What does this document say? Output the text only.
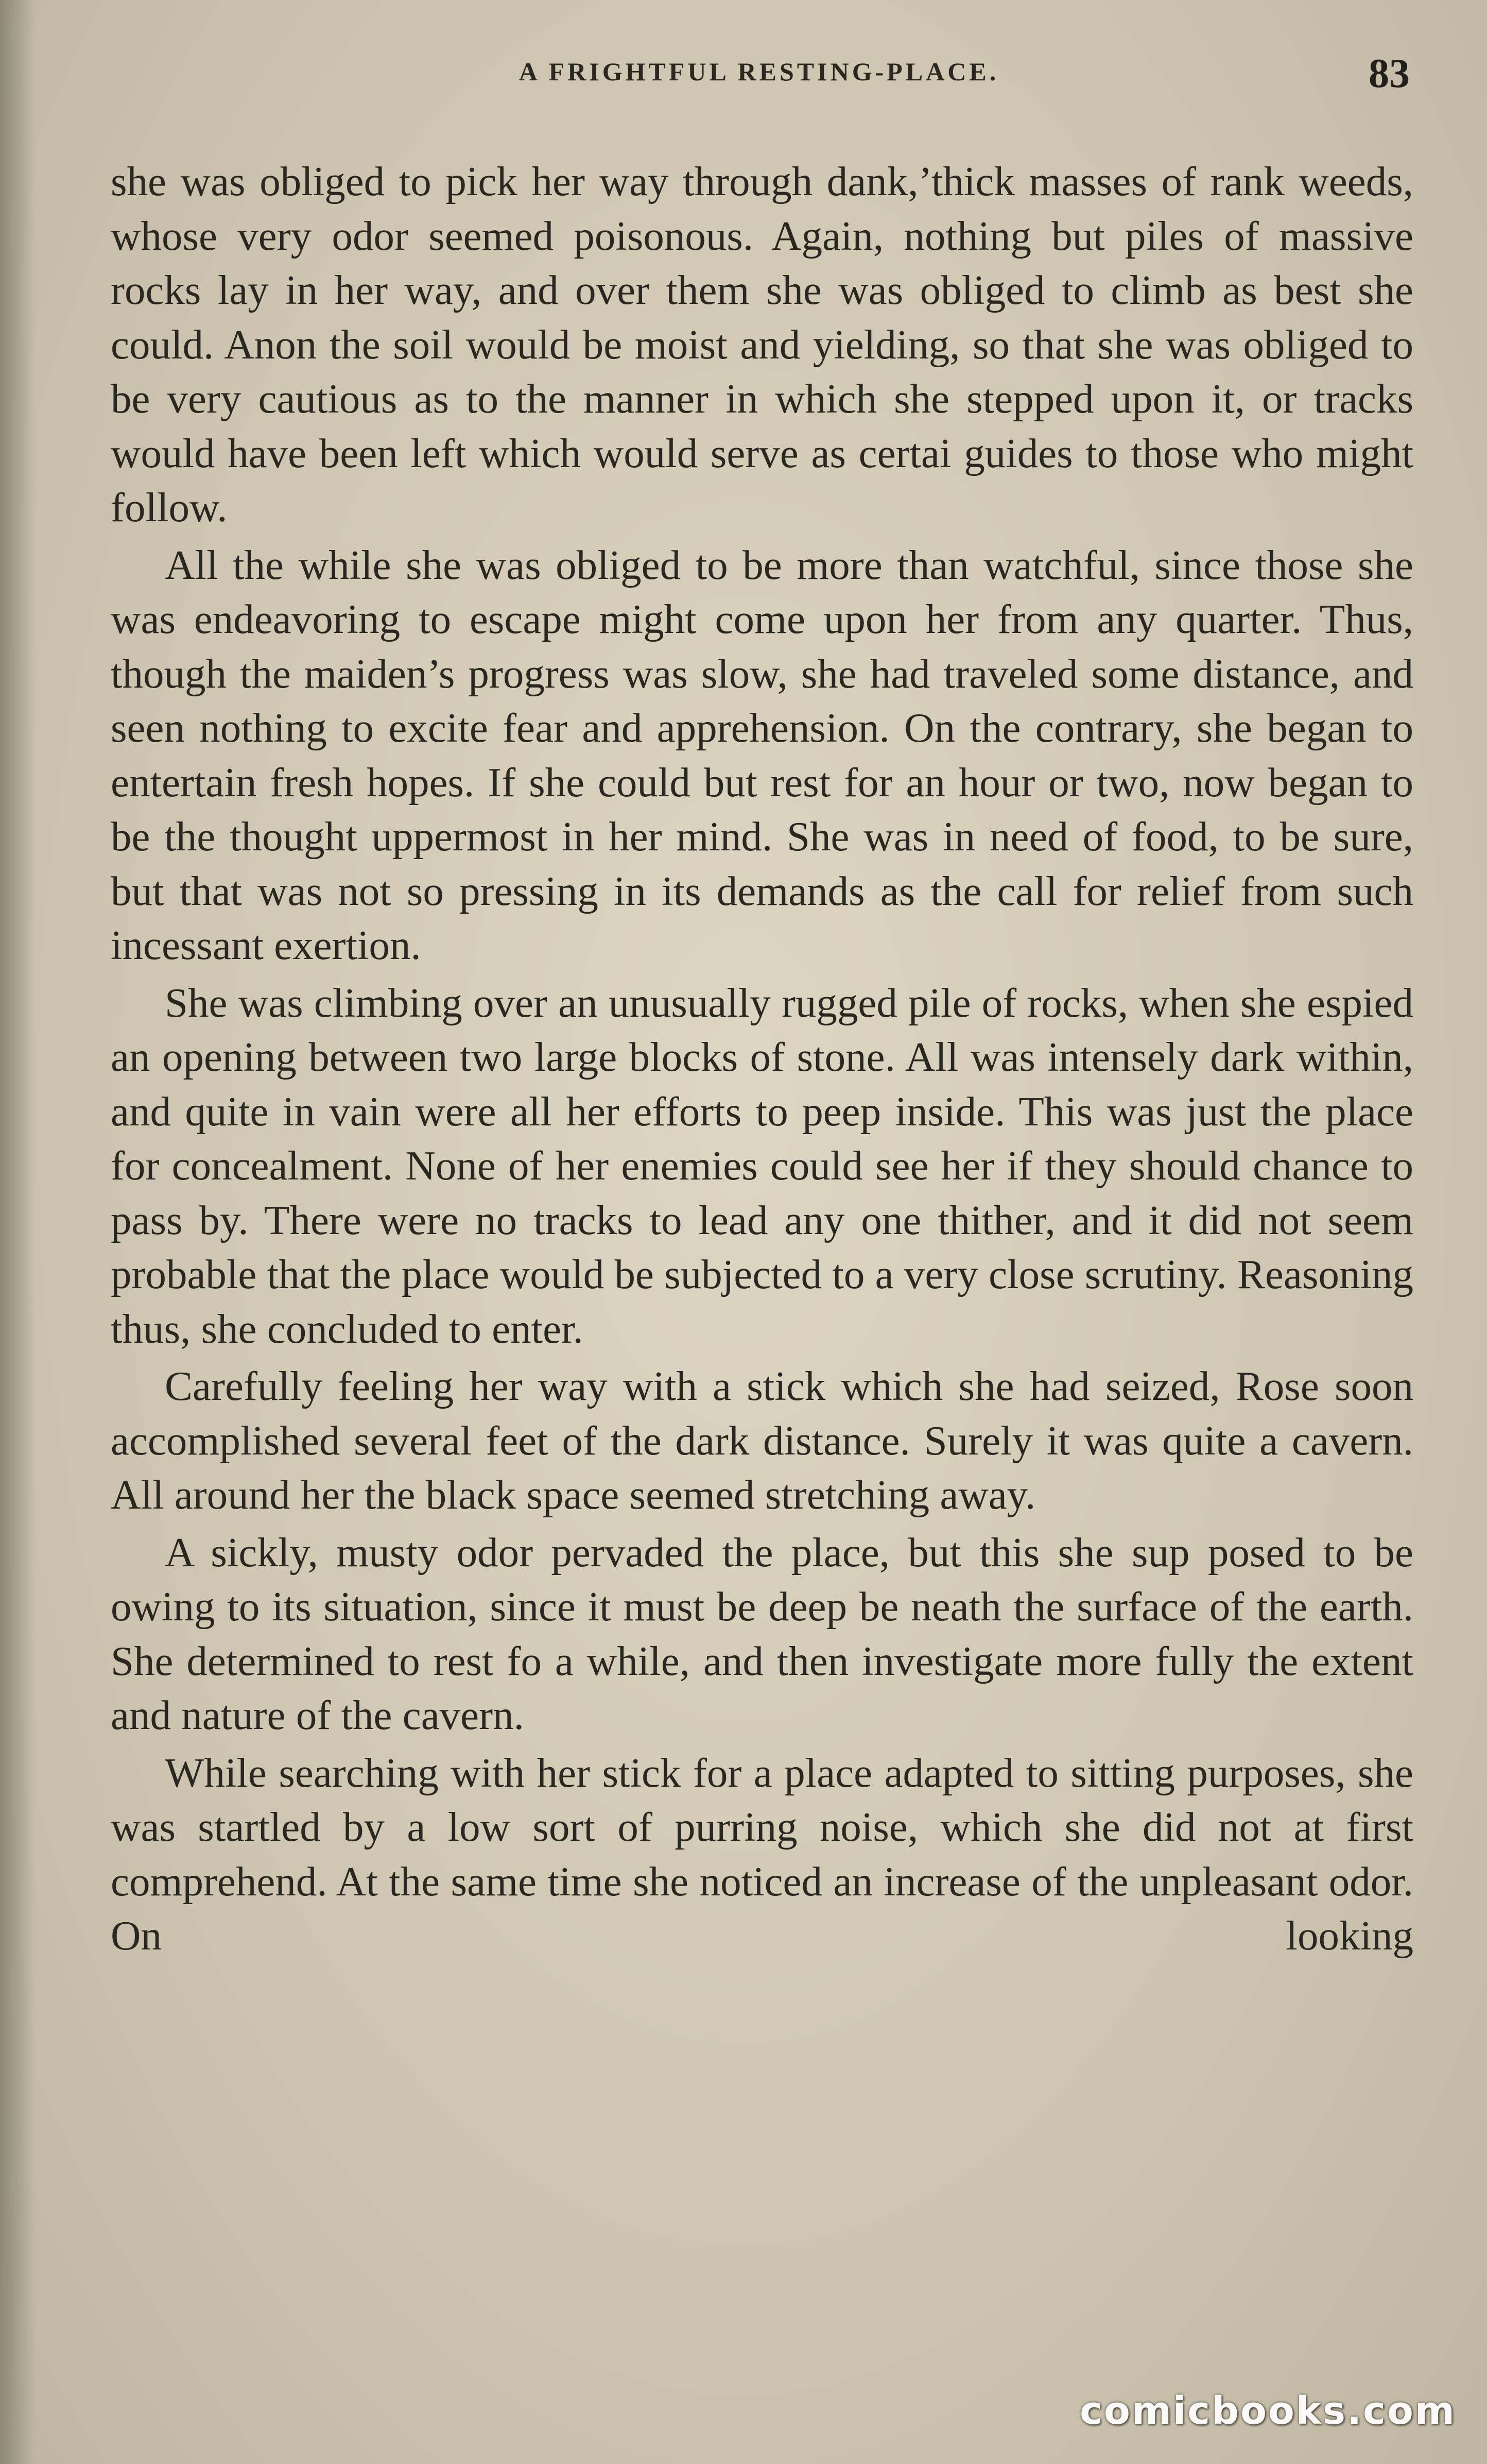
A FRIGHTFUL RESTING-PLACE.	83

she was obliged to pick her way through dank,’thick masses of rank weeds, whose very odor seemed poisonous. Again, nothing but piles of massive rocks lay in her way, and over them she was obliged to climb as best she could. Anon the soil would be moist and yielding, so that she was obliged to be very cautious as to the manner in which she stepped upon it, or tracks would have been left which would serve as certai guides to those who might follow.

All the while she was obliged to be more than watchful, since those she was endeavoring to escape might come upon her from any quarter. Thus, though the maiden’s progress was slow, she had traveled some distance, and seen nothing to excite fear and apprehension. On the contrary, she began to entertain fresh hopes. If she could but rest for an hour or two, now began to be the thought uppermost in her mind. She was in need of food, to be sure, but that was not so pressing in its demands as the call for relief from such incessant exertion.

She was climbing over an unusually rugged pile of rocks, when she espied an opening between two large blocks of stone. All was intensely dark within, and quite in vain were all her efforts to peep inside. This was just the place for concealment. None of her enemies could see her if they should chance to pass by. There were no tracks to lead any one thither, and it did not seem probable that the place would be subjected to a very close scrutiny. Reasoning thus, she concluded to enter.

Carefully feeling her way with a stick which she had seized, Rose soon accomplished several feet of the dark distance. Surely it was quite a cavern. All around her the black space seemed stretching away.

A sickly, musty odor pervaded the place, but this she sup posed to be owing to its situation, since it must be deep be neath the surface of the earth. She determined to rest fo a while, and then investigate more fully the extent and nature of the cavern.

While searching with her stick for a place adapted to sitting purposes, she was startled by a low sort of purring noise, which she did not at first comprehend. At the same time she noticed an increase of the unpleasant odor. On looking

comicbooks.com
